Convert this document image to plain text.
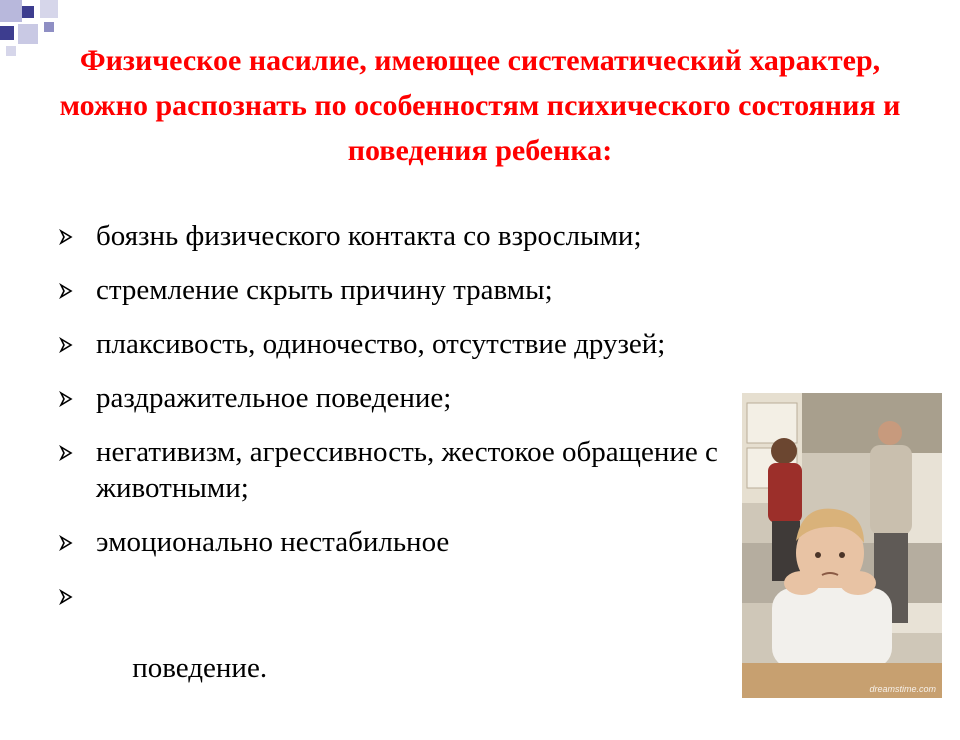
Физическое насилие, имеющее систематический характер, можно распознать по особенностям психического состояния и поведения ребенка:
боязнь физического контакта со взрослыми;
стремление скрыть причину травмы;
плаксивость, одиночество, отсутствие друзей;
раздражительное поведение;
негативизм, агрессивность, жестокое обращение с животными;
эмоционально нестабильное

поведение.

dreamstime.com
